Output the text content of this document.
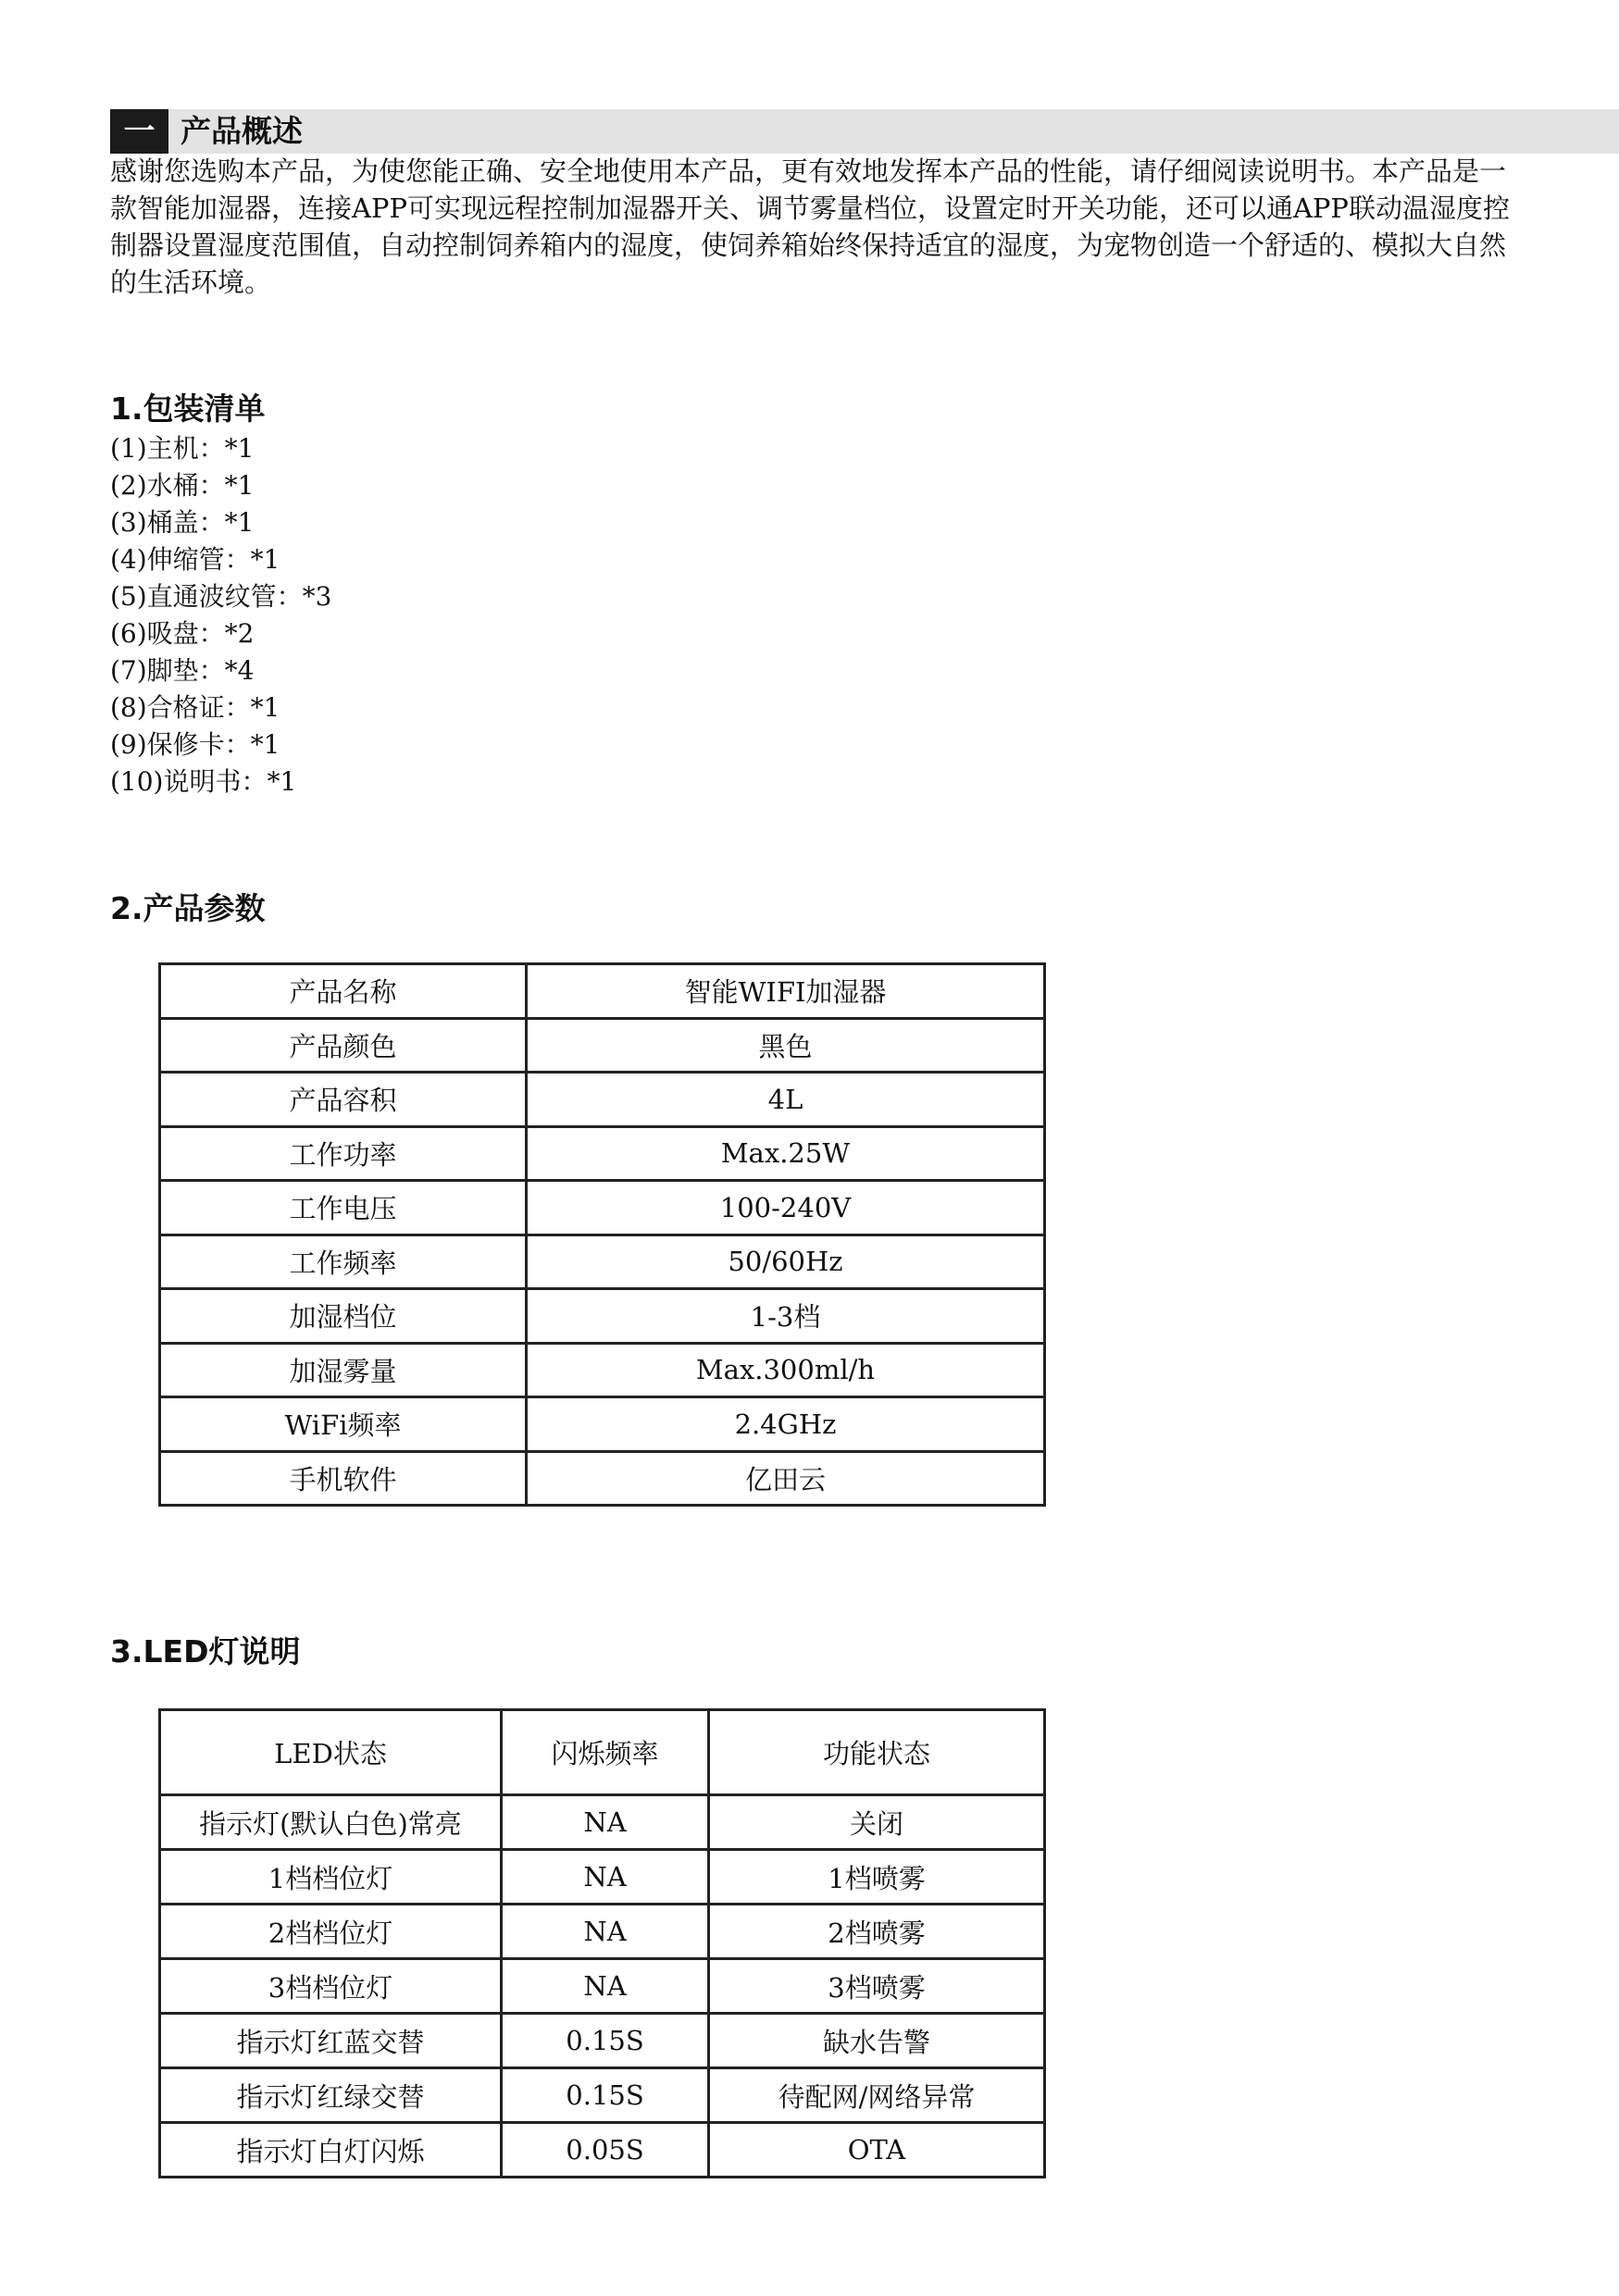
一 产品概述

感谢您选购本产品，为使您能正确、安全地使用本产品，更有效地发挥本产品的性能，请仔细阅读说明书。本产品是一款智能加湿器，连接APP可实现远程控制加湿器开关、调节雾量档位，设置定时开关功能，还可以通APP联动温湿度控制器设置湿度范围值，自动控制饲养箱内的湿度，使饲养箱始终保持适宜的湿度，为宠物创造一个舒适的、模拟大自然的生活环境。

1.包装清单
(1)主机：*1
(2)水桶：*1
(3)桶盖：*1
(4)伸缩管：*1
(5)直通波纹管：*3
(6)吸盘：*2
(7)脚垫：*4
(8)合格证：*1
(9)保修卡：*1
(10)说明书：*1
2.产品参数
产品名称	智能WIFI加湿器
产品颜色	黑色
产品容积	4L
工作功率	Max.25W
工作电压	100-240V
工作频率	50/60Hz
加湿档位	1-3档
加湿雾量	Max.300ml/h
WiFi频率	2.4GHz
手机软件	亿田云
3.LED灯说明
LED状态	闪烁频率	功能状态
指示灯(默认白色)常亮	NA	关闭
1档档位灯	NA	1档喷雾
2档档位灯	NA	2档喷雾
3档档位灯	NA	3档喷雾
指示灯红蓝交替	0.15S	缺水告警
指示灯红绿交替	0.15S	待配网/网络异常
指示灯白灯闪烁	0.05S	OTA
